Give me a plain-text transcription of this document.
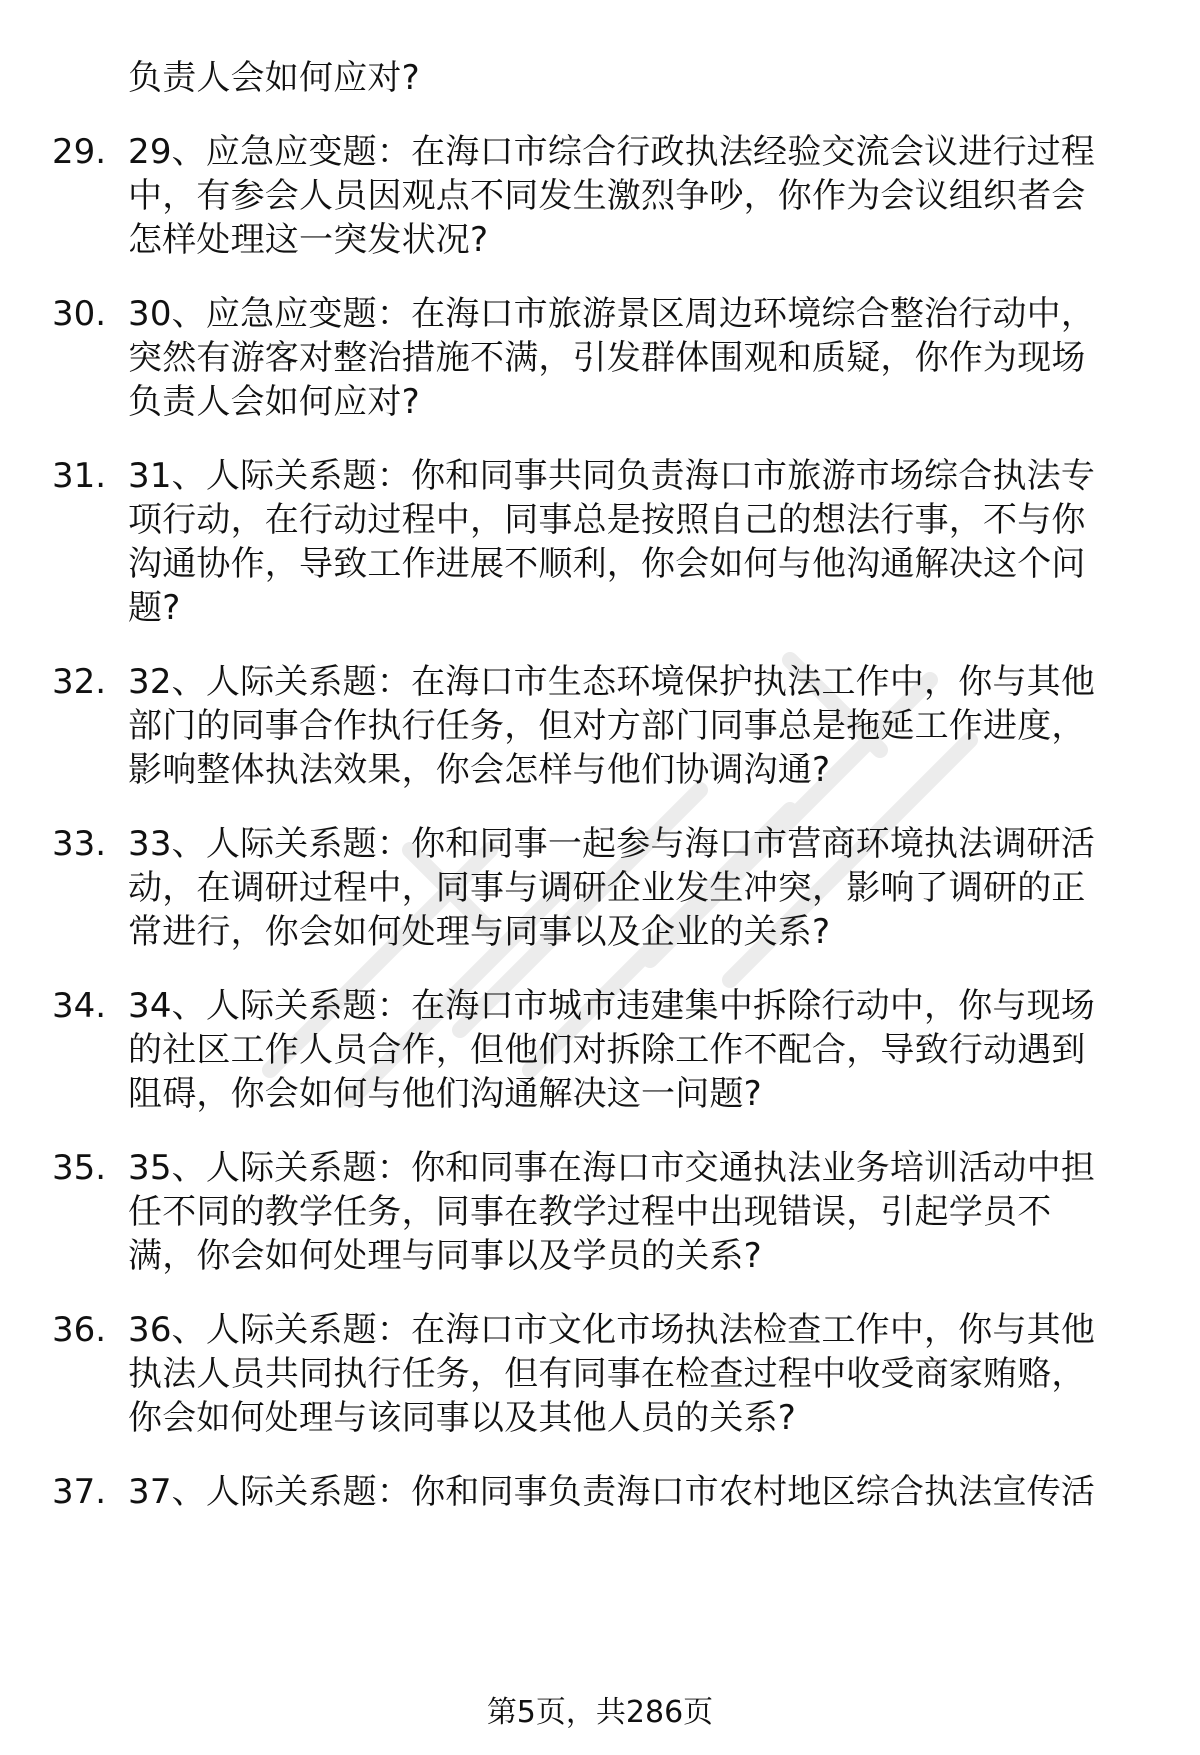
负责人会如何应对?
29. 29、应急应变题：在海口市综合行政执法经验交流会议进行过程
中，有参会人员因观点不同发生激烈争吵，你作为会议组织者会
怎样处理这一突发状况?
30. 30、应急应变题：在海口市旅游景区周边环境综合整治行动中，
突然有游客对整治措施不满，引发群体围观和质疑，你作为现场
负责人会如何应对?
31. 31、人际关系题：你和同事共同负责海口市旅游市场综合执法专
项行动，在行动过程中，同事总是按照自己的想法行事，不与你
沟通协作，导致工作进展不顺利，你会如何与他沟通解决这个问
题?
32. 32、人际关系题：在海口市生态环境保护执法工作中，你与其他
部门的同事合作执行任务，但对方部门同事总是拖延工作进度，
影响整体执法效果，你会怎样与他们协调沟通?
33. 33、人际关系题：你和同事一起参与海口市营商环境执法调研活
动，在调研过程中，同事与调研企业发生冲突，影响了调研的正
常进行，你会如何处理与同事以及企业的关系?
34. 34、人际关系题：在海口市城市违建集中拆除行动中，你与现场
的社区工作人员合作，但他们对拆除工作不配合，导致行动遇到
阻碍，你会如何与他们沟通解决这一问题?
35. 35、人际关系题：你和同事在海口市交通执法业务培训活动中担
任不同的教学任务，同事在教学过程中出现错误，引起学员不
满，你会如何处理与同事以及学员的关系?
36. 36、人际关系题：在海口市文化市场执法检查工作中，你与其他
执法人员共同执行任务，但有同事在检查过程中收受商家贿赂，
你会如何处理与该同事以及其他人员的关系?
37. 37、人际关系题：你和同事负责海口市农村地区综合执法宣传活
第5页，共286页
